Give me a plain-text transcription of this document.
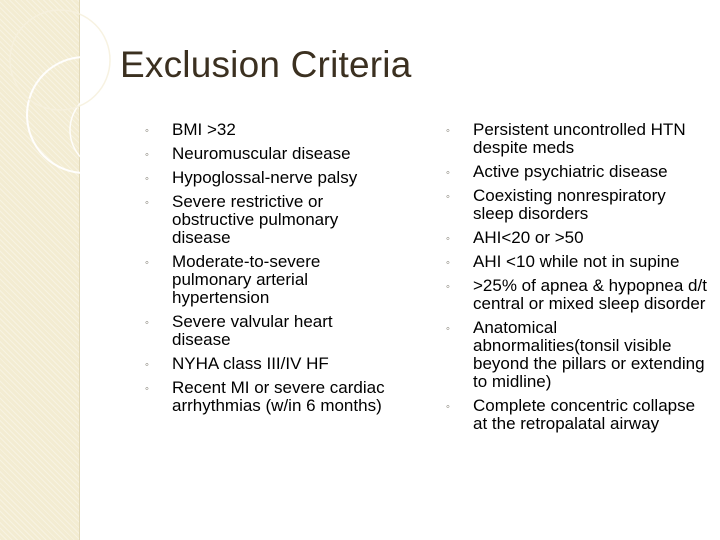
Exclusion Criteria
◦ BMI >32
◦ Neuromuscular disease
◦ Hypoglossal-nerve palsy
◦ Severe restrictive or obstructive pulmonary disease
◦ Moderate-to-severe pulmonary arterial hypertension
◦ Severe valvular heart disease
◦ NYHA class III/IV HF
◦ Recent MI or severe cardiac arrhythmias (w/in 6 months)
◦ Persistent uncontrolled HTN despite meds
◦ Active psychiatric disease
◦ Coexisting nonrespiratory sleep disorders
◦ AHI<20 or >50
◦ AHI <10 while not in supine
◦ >25% of apnea & hypopnea d/t central or mixed sleep disorder
◦ Anatomical abnormalities(tonsil visible beyond the pillars or extending to midline)
◦ Complete concentric collapse at the retropalatal airway
